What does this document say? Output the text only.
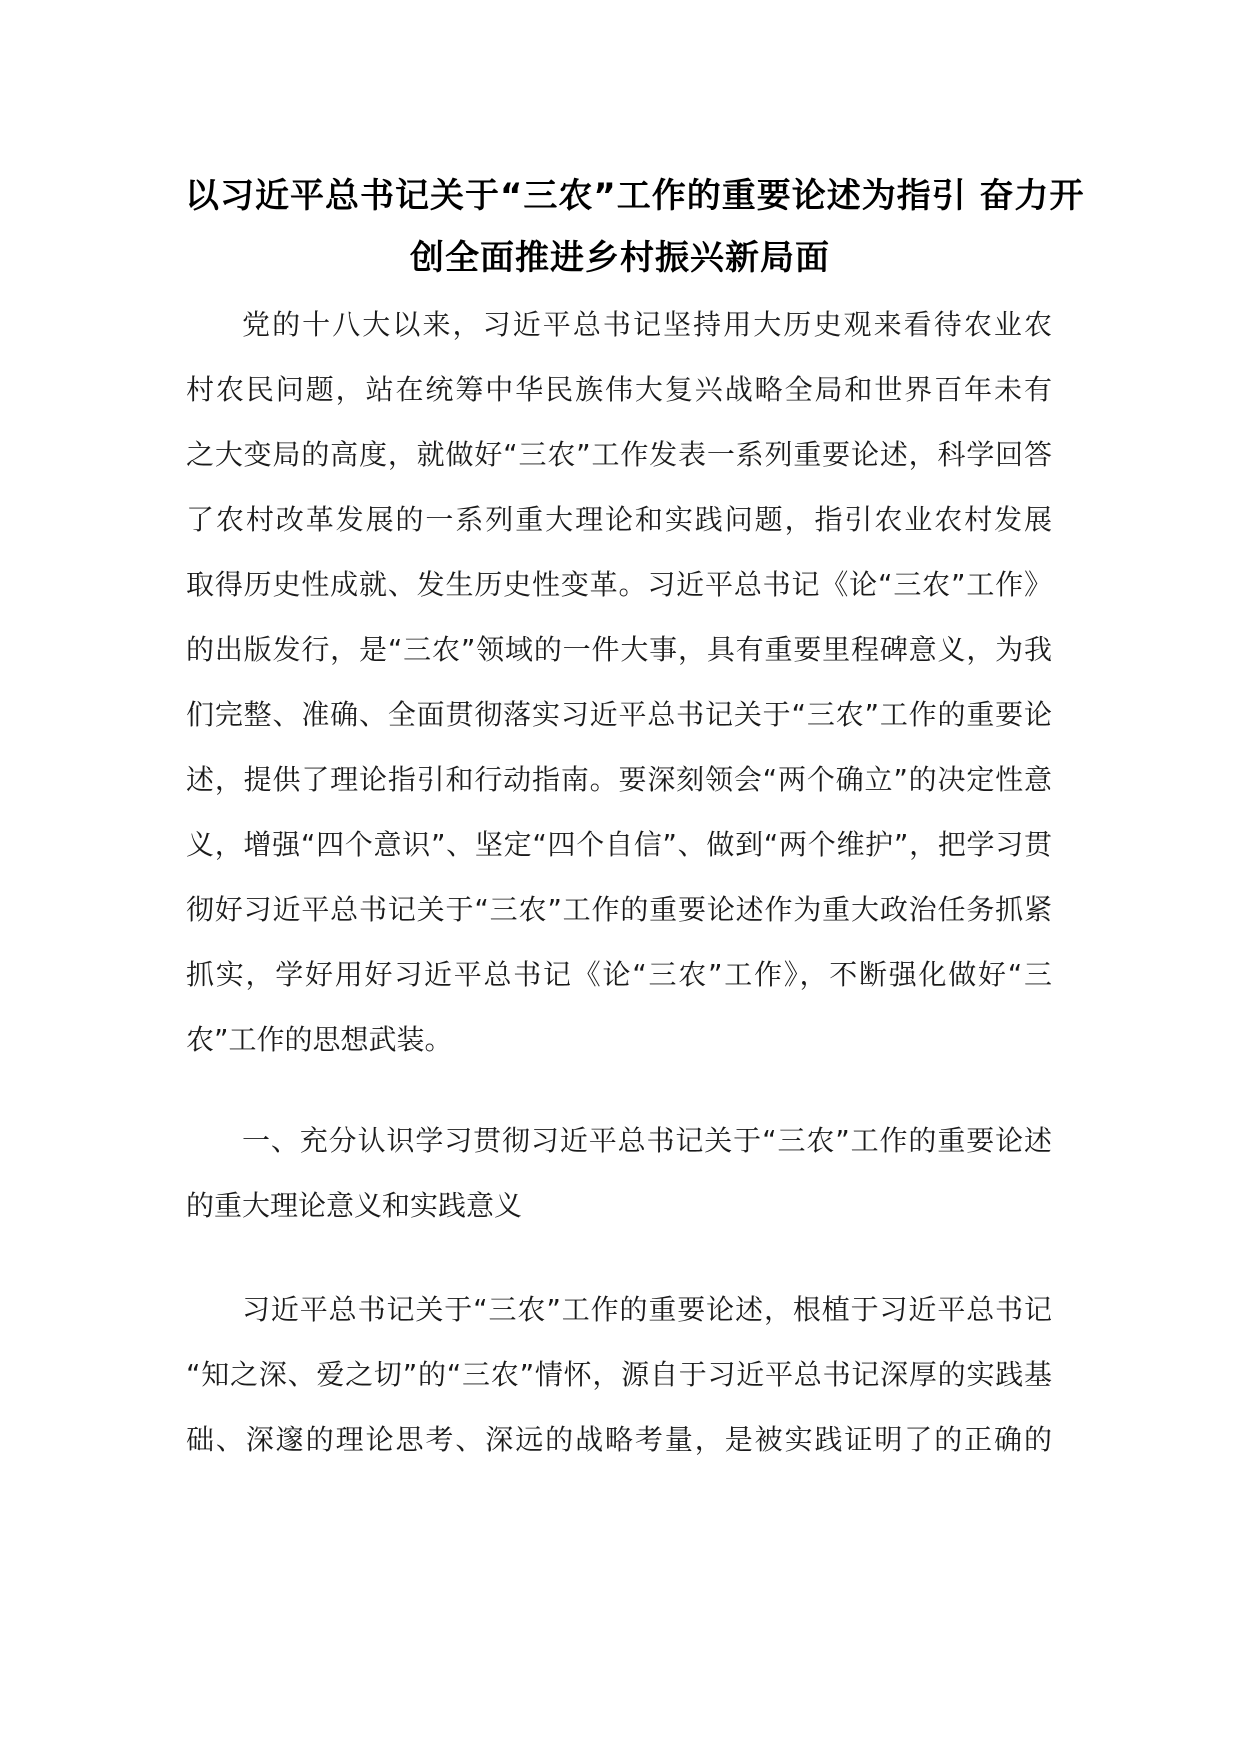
以习近平总书记关于“三农”工作的重要论述为指引 奋力开
创全面推进乡村振兴新局面
党的十八大以来，习近平总书记坚持用大历史观来看待农业农
村农民问题，站在统筹中华民族伟大复兴战略全局和世界百年未有
之大变局的高度，就做好“三农”工作发表一系列重要论述，科学回答
了农村改革发展的一系列重大理论和实践问题，指引农业农村发展
取得历史性成就、发生历史性变革。习近平总书记《论“三农”工作》
的出版发行，是“三农”领域的一件大事，具有重要里程碑意义，为我
们完整、准确、全面贯彻落实习近平总书记关于“三农”工作的重要论
述，提供了理论指引和行动指南。要深刻领会“两个确立”的决定性意
义，增强“四个意识”、坚定“四个自信”、做到“两个维护”，把学习贯
彻好习近平总书记关于“三农”工作的重要论述作为重大政治任务抓紧
抓实，学好用好习近平总书记《论“三农”工作》，不断强化做好“三
农”工作的思想武装。
一、充分认识学习贯彻习近平总书记关于“三农”工作的重要论述
的重大理论意义和实践意义
习近平总书记关于“三农”工作的重要论述，根植于习近平总书记
“知之深、爱之切”的“三农”情怀，源自于习近平总书记深厚的实践基
础、深邃的理论思考、深远的战略考量，是被实践证明了的正确的
